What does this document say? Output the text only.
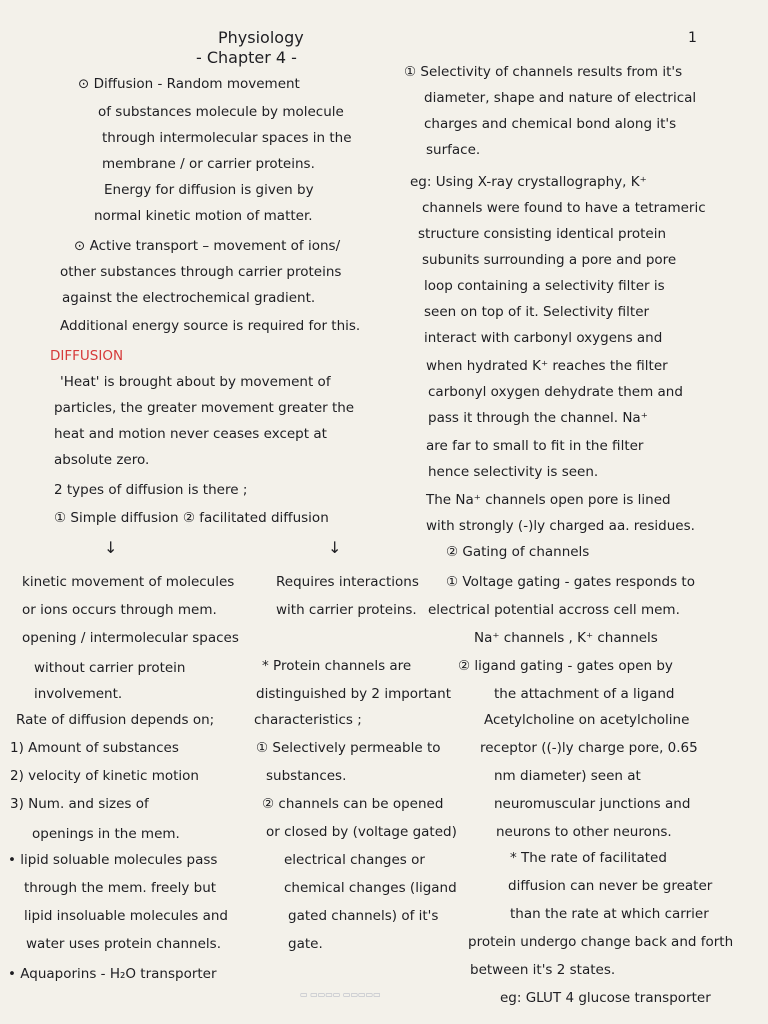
Physiology
- Chapter 4 -
1
⊙ Diffusion - Random movement
of substances molecule by molecule
through intermolecular spaces in the
membrane / or carrier proteins.
Energy for diffusion is given by
normal kinetic motion of matter.
⊙ Active transport – movement of ions/
other substances through carrier proteins
against the electrochemical gradient.
Additional energy source is required for this.
DIFFUSION
'Heat' is brought about by movement of
particles, the greater movement greater the
heat and motion never ceases except at
absolute zero.
2 types of diffusion is there ;
① Simple diffusion ② facilitated diffusion
① Selectivity of channels results from it's
diameter, shape and nature of electrical
charges and chemical bond along it's
surface.
eg: Using X-ray crystallography, K⁺
channels were found to have a tetrameric
structure consisting identical protein
subunits surrounding a pore and pore
loop containing a selectivity filter is
seen on top of it. Selectivity filter
interact with carbonyl oxygens and
when hydrated K⁺ reaches the filter
carbonyl oxygen dehydrate them and
pass it through the channel. Na⁺
are far to small to fit in the filter
hence selectivity is seen.
The Na⁺ channels open pore is lined
with strongly (-)ly charged aa. residues.
② Gating of channels
↓	↓
kinetic movement of molecules
or ions occurs through mem.
opening / intermolecular spaces
without carrier protein
involvement.
Rate of diffusion depends on;
1) Amount of substances
2) velocity of kinetic motion
3) Num. and sizes of
openings in the mem.
• lipid soluable molecules pass
through the mem. freely but
lipid insoluable molecules and
water uses protein channels.
• Aquaporins - H₂O transporter
Requires interactions
with carrier proteins.
* Protein channels are
distinguished by 2 important
characteristics ;
① Selectively permeable to
substances.
② channels can be opened
or closed by (voltage gated)
electrical changes or
chemical changes (ligand
gated channels) of it's
gate.
① Voltage gating - gates responds to
electrical potential accross cell mem.
Na⁺ channels , K⁺ channels
② ligand gating - gates open by
the attachment of a ligand
Acetylcholine on acetylcholine
receptor ((-)ly charge pore, 0.65
nm diameter) seen at
neuromuscular junctions and
neurons to other neurons.
* The rate of facilitated
diffusion can never be greater
than the rate at which carrier
protein undergo change back and forth
between it's 2 states.
eg: GLUT 4 glucose transporter
▭ ▭▭▭▭ ▭▭▭▭▭
